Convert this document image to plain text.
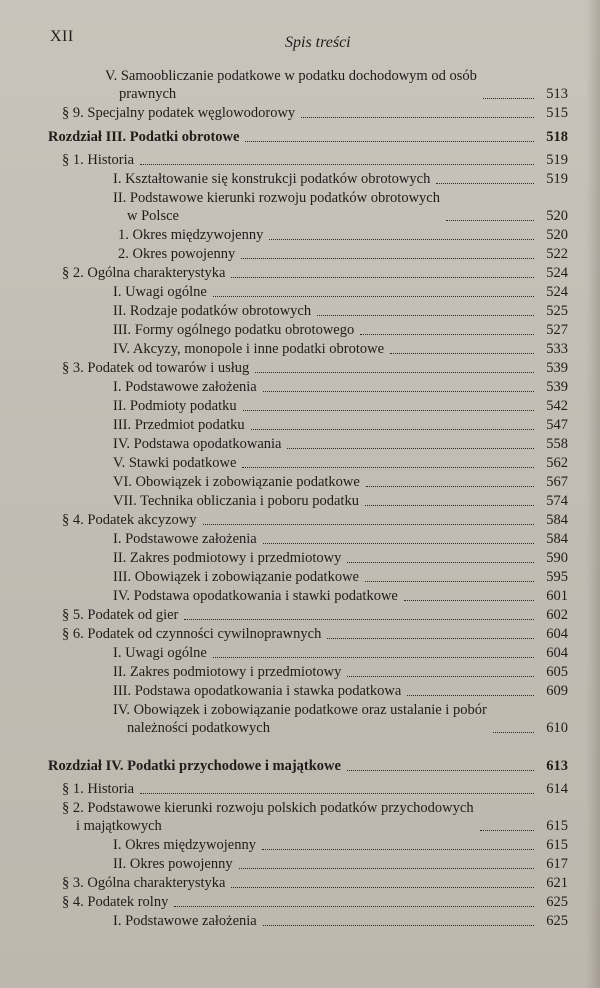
XII	Spis treści
V. Samoobliczanie podatkowe w podatku dochodowym od osób
prawnych	513
§ 9. Specjalny podatek węglowodorowy	515
Rozdział III. Podatki obrotowe	518
§ 1. Historia	519
I. Kształtowanie się konstrukcji podatków obrotowych	519
II. Podstawowe kierunki rozwoju podatków obrotowych
w Polsce	520
1. Okres międzywojenny	520
2. Okres powojenny	522
§ 2. Ogólna charakterystyka	524
I. Uwagi ogólne	524
II. Rodzaje podatków obrotowych	525
III. Formy ogólnego podatku obrotowego	527
IV. Akcyzy, monopole i inne podatki obrotowe	533
§ 3. Podatek od towarów i usług	539
I. Podstawowe założenia	539
II. Podmioty podatku	542
III. Przedmiot podatku	547
IV. Podstawa opodatkowania	558
V. Stawki podatkowe	562
VI. Obowiązek i zobowiązanie podatkowe	567
VII. Technika obliczania i poboru podatku	574
§ 4. Podatek akcyzowy	584
I. Podstawowe założenia	584
II. Zakres podmiotowy i przedmiotowy	590
III. Obowiązek i zobowiązanie podatkowe	595
IV. Podstawa opodatkowania i stawki podatkowe	601
§ 5. Podatek od gier	602
§ 6. Podatek od czynności cywilnoprawnych	604
I. Uwagi ogólne	604
II. Zakres podmiotowy i przedmiotowy	605
III. Podstawa opodatkowania i stawka podatkowa	609
IV. Obowiązek i zobowiązanie podatkowe oraz ustalanie i pobór
należności podatkowych	610
Rozdział IV. Podatki przychodowe i majątkowe	613
§ 1. Historia	614
§ 2. Podstawowe kierunki rozwoju polskich podatków przychodowych
i majątkowych	615
I. Okres międzywojenny	615
II. Okres powojenny	617
§ 3. Ogólna charakterystyka	621
§ 4. Podatek rolny	625
I. Podstawowe założenia	625
